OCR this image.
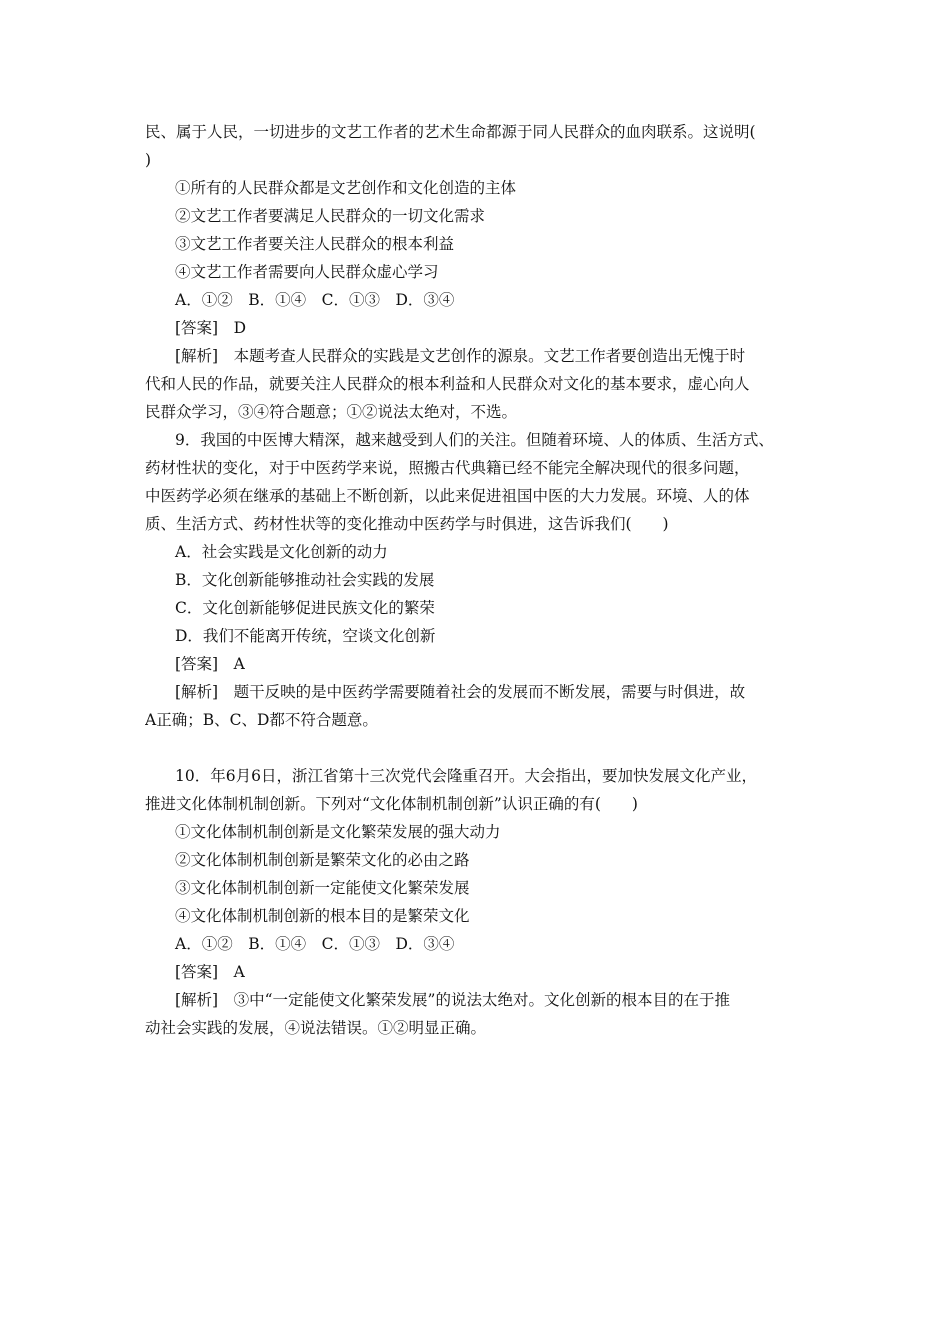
民、属于人民，一切进步的文艺工作者的艺术生命都源于同人民群众的血肉联系。这说明(
)
①所有的人民群众都是文艺创作和文化创造的主体
②文艺工作者要满足人民群众的一切文化需求
③文艺工作者要关注人民群众的根本利益
④文艺工作者需要向人民群众虚心学习
A．①②　B．①④　C．①③　D．③④
[答案]　D
[解析]　本题考查人民群众的实践是文艺创作的源泉。文艺工作者要创造出无愧于时
代和人民的作品，就要关注人民群众的根本利益和人民群众对文化的基本要求，虚心向人
民群众学习，③④符合题意；①②说法太绝对，不选。
9．我国的中医博大精深，越来越受到人们的关注。但随着环境、人的体质、生活方式、
药材性状的变化，对于中医药学来说，照搬古代典籍已经不能完全解决现代的很多问题，
中医药学必须在继承的基础上不断创新，以此来促进祖国中医的大力发展。环境、人的体
质、生活方式、药材性状等的变化推动中医药学与时俱进，这告诉我们(　　)
A．社会实践是文化创新的动力
B．文化创新能够推动社会实践的发展
C．文化创新能够促进民族文化的繁荣
D．我们不能离开传统，空谈文化创新
[答案]　A
[解析]　题干反映的是中医药学需要随着社会的发展而不断发展，需要与时俱进，故
A正确；B、C、D都不符合题意。
10．年6月6日，浙江省第十三次党代会隆重召开。大会指出，要加快发展文化产业，
推进文化体制机制创新。下列对“文化体制机制创新”认识正确的有(　　)
①文化体制机制创新是文化繁荣发展的强大动力
②文化体制机制创新是繁荣文化的必由之路
③文化体制机制创新一定能使文化繁荣发展
④文化体制机制创新的根本目的是繁荣文化
A．①②　B．①④　C．①③　D．③④
[答案]　A
[解析]　③中“一定能使文化繁荣发展”的说法太绝对。文化创新的根本目的在于推
动社会实践的发展，④说法错误。①②明显正确。
